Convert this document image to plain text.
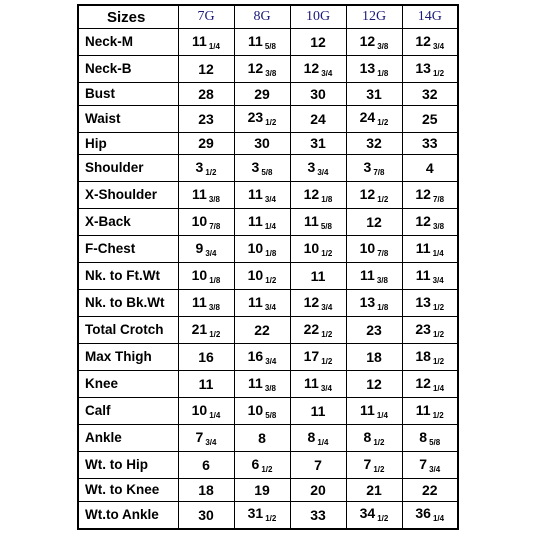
Sizes	7G	8G	10G	12G	14G
Neck-M	11 $_{1/4}$	11 $_{5/8}$	12	12 $_{3/8}$	12 $_{3/4}$
Neck-B	12	12 $_{3/8}$	12 $_{3/4}$	13 $_{1/8}$	13 $_{1/2}$
Bust	28	29	30	31	32
Waist	23	23 $_{1/2}$	24	24 $_{1/2}$	25
Hip	29	30	31	32	33
Shoulder	3 $_{1/2}$	3 $_{5/8}$	3 $_{3/4}$	3 $_{7/8}$	4
X-Shoulder	11 $_{3/8}$	11 $_{3/4}$	12 $_{1/8}$	12 $_{1/2}$	12 $_{7/8}$
X-Back	10 $_{7/8}$	11 $_{1/4}$	11 $_{5/8}$	12	12 $_{3/8}$
F-Chest	9 $_{3/4}$	10 $_{1/8}$	10 $_{1/2}$	10 $_{7/8}$	11 $_{1/4}$
Nk. to Ft.Wt	10 $_{1/8}$	10 $_{1/2}$	11	11 $_{3/8}$	11 $_{3/4}$
Nk. to Bk.Wt	11 $_{3/8}$	11 $_{3/4}$	12 $_{3/4}$	13 $_{1/8}$	13 $_{1/2}$
Total Crotch	21 $_{1/2}$	22	22 $_{1/2}$	23	23 $_{1/2}$
Max Thigh	16	16 $_{3/4}$	17 $_{1/2}$	18	18 $_{1/2}$
Knee	11	11 $_{3/8}$	11 $_{3/4}$	12	12 $_{1/4}$
Calf	10 $_{1/4}$	10 $_{5/8}$	11	11 $_{1/4}$	11 $_{1/2}$
Ankle	7 $_{3/4}$	8	8 $_{1/4}$	8 $_{1/2}$	8 $_{5/8}$
Wt. to Hip	6	6 $_{1/2}$	7	7 $_{1/2}$	7 $_{3/4}$
Wt. to Knee	18	19	20	21	22
Wt.to Ankle	30	31 $_{1/2}$	33	34 $_{1/2}$	36 $_{1/4}$
